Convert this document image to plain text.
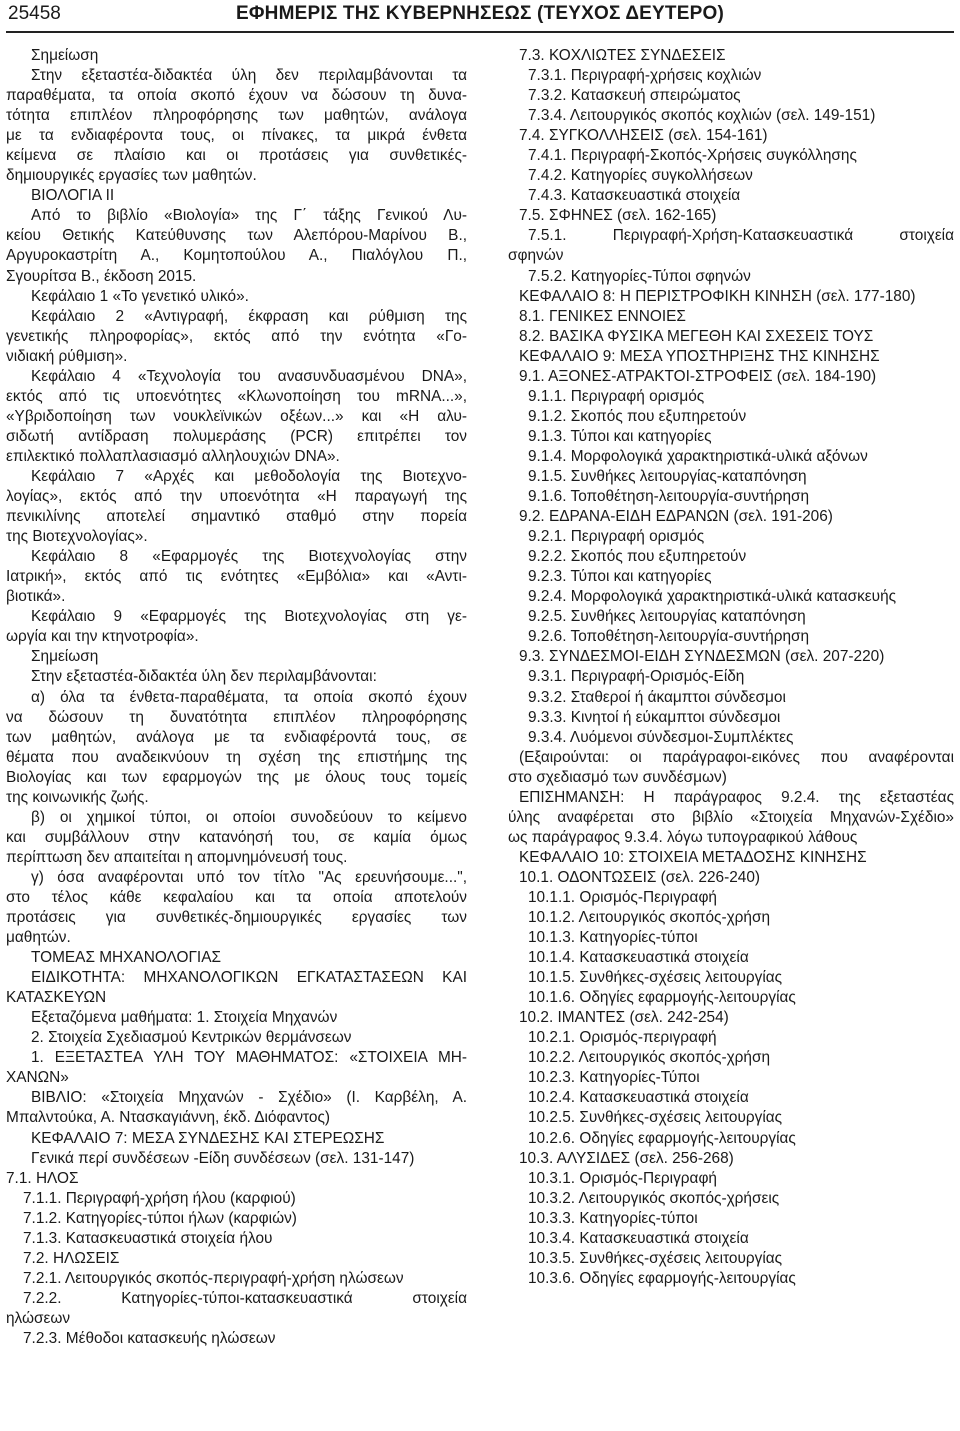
25458	ΕΦΗΜΕΡΙΣ ΤΗΣ ΚΥΒΕΡΝΗΣΕΩΣ (ΤΕΥΧΟΣ ΔΕΥΤΕΡΟ)
Σημείωση
Στην εξεταστέα-διδακτέα ύλη δεν περιλαμβάνονται τα
παραθέματα, τα οποία σκοπό έχουν να δώσουν τη δυνα‐
τότητα επιπλέον πληροφόρησης των μαθητών, ανάλογα
με τα ενδιαφέροντα τους, οι πίνακες, τα μικρά ένθετα
κείμενα σε πλαίσιο και οι προτάσεις για συνθετικές‐
δημιουργικές εργασίες των μαθητών.
ΒΙΟΛΟΓΙΑ ΙΙ
Από το βιβλίο «Βιολογία» της Γ΄ τάξης Γενικού Λυ‐
κείου Θετικής Κατεύθυνσης των Αλεπόρου-Μαρίνου Β.,
Αργυροκαστρίτη Α., Κομητοπούλου Α., Πιαλόγλου Π.,
Σγουρίτσα Β., έκδοση 2015.
Κεφάλαιο 1 «Το γενετικό υλικό».
Κεφάλαιο 2 «Αντιγραφή, έκφραση και ρύθμιση της
γενετικής πληροφορίας», εκτός από την ενότητα «Γο‐
νιδιακή ρύθμιση».
Κεφάλαιο 4 «Τεχνολογία του ανασυνδυασμένου DNA»,
εκτός από τις υποενότητες «Κλωνοποίηση του mRNA...»,
«Υβριδοποίηση των νουκλεϊνικών οξέων...» και «Η αλυ‐
σιδωτή αντίδραση πολυμεράσης (PCR) επιτρέπει τον
επιλεκτικό πολλαπλασιασμό αλληλουχιών DNA».
Κεφάλαιο 7 «Αρχές και μεθοδολογία της Βιοτεχνο‐
λογίας», εκτός από την υποενότητα «Η παραγωγή της
πενικιλίνης αποτελεί σημαντικό σταθμό στην πορεία
της Βιοτεχνολογίας».
Κεφάλαιο 8 «Εφαρμογές της Βιοτεχνολογίας στην
Ιατρική», εκτός από τις ενότητες «Εμβόλια» και «Αντι‐
βιοτικά».
Κεφάλαιο 9 «Εφαρμογές της Βιοτεχνολογίας στη γε‐
ωργία και την κτηνοτροφία».
Σημείωση
Στην εξεταστέα-διδακτέα ύλη δεν περιλαμβάνονται:
α) όλα τα ένθετα-παραθέματα, τα οποία σκοπό έχουν
να δώσουν τη δυνατότητα επιπλέον πληροφόρησης
των μαθητών, ανάλογα με τα ενδιαφέροντά τους, σε
θέματα που αναδεικνύουν τη σχέση της επιστήμης της
Βιολογίας και των εφαρμογών της με όλους τους τομείς
της κοινωνικής ζωής.
β) οι χημικοί τύποι, οι οποίοι συνοδεύουν το κείμενο
και συμβάλλουν στην κατανόησή του, σε καμία όμως
περίπτωση δεν απαιτείται η απομνημόνευσή τους.
γ) όσα αναφέρονται υπό τον τίτλο "Ας ερευνήσουμε...",
στο τέλος κάθε κεφαλαίου και τα οποία αποτελούν
προτάσεις για συνθετικές-δημιουργικές εργασίες των
μαθητών.
ΤΟΜΕΑΣ ΜΗΧΑΝΟΛΟΓΙΑΣ
ΕΙΔΙΚΟΤΗΤΑ: ΜΗΧΑΝΟΛΟΓΙΚΩΝ ΕΓΚΑΤΑΣΤΑΣΕΩΝ ΚΑΙ
ΚΑΤΑΣΚΕΥΩΝ
Εξεταζόμενα μαθήματα: 1. Στοιχεία Μηχανών
2. Στοιχεία Σχεδιασμού Κεντρικών θερμάνσεων
1. ΕΞΕΤΑΣΤΕΑ ΥΛΗ ΤΟΥ ΜΑΘΗΜΑΤΟΣ: «ΣΤΟΙΧΕΙΑ ΜΗ‐
ΧΑΝΩΝ»
ΒΙΒΛΙΟ: «Στοιχεία Μηχανών - Σχέδιο» (Ι. Καρβέλη, Α.
Μπαλντούκα, Α. Ντασκαγιάννη, έκδ. Διόφαντος)
ΚΕΦΑΛΑΙΟ 7: ΜΕΣΑ ΣΥΝΔΕΣΗΣ ΚΑΙ ΣΤΕΡΕΩΣΗΣ
Γενικά περί συνδέσεων -Είδη συνδέσεων (σελ. 131-147)
7.1. ΗΛΟΣ
7.1.1. Περιγραφή-χρήση ήλου (καρφιού)
7.1.2. Κατηγορίες-τύποι ήλων (καρφιών)
7.1.3. Κατασκευαστικά στοιχεία ήλου
7.2. ΗΛΩΣΕΙΣ
7.2.1. Λειτουργικός σκοπός-περιγραφή-χρήση ηλώσεων
7.2.2. Κατηγορίες-τύποι-κατασκευαστικά στοιχεία
ηλώσεων
7.2.3. Μέθοδοι κατασκευής ηλώσεων
7.3. ΚΟΧΛΙΩΤΕΣ ΣΥΝΔΕΣΕΙΣ
7.3.1. Περιγραφή-χρήσεις κοχλιών
7.3.2. Κατασκευή σπειρώματος
7.3.4. Λειτουργικός σκοπός κοχλιών (σελ. 149-151)
7.4. ΣΥΓΚΟΛΛΗΣΕΙΣ (σελ. 154-161)
7.4.1. Περιγραφή-Σκοπός-Χρήσεις συγκόλλησης
7.4.2. Κατηγορίες συγκολλήσεων
7.4.3. Κατασκευαστικά στοιχεία
7.5. ΣΦΗΝΕΣ (σελ. 162-165)
7.5.1. Περιγραφή-Χρήση-Κατασκευαστικά στοιχεία
σφηνών
7.5.2. Κατηγορίες-Τύποι σφηνών
ΚΕΦΑΛΑΙΟ 8: Η ΠΕΡΙΣΤΡΟΦΙΚΗ ΚΙΝΗΣΗ (σελ. 177-180)
8.1. ΓΕΝΙΚΕΣ ΕΝΝΟΙΕΣ
8.2. ΒΑΣΙΚΑ ΦΥΣΙΚΑ ΜΕΓΕΘΗ ΚΑΙ ΣΧΕΣΕΙΣ ΤΟΥΣ
ΚΕΦΑΛΑΙΟ 9: ΜΕΣΑ ΥΠΟΣΤΗΡΙΞΗΣ ΤΗΣ ΚΙΝΗΣΗΣ
9.1. ΑΞΟΝΕΣ-ΑΤΡΑΚΤΟΙ-ΣΤΡΟΦΕΙΣ (σελ. 184-190)
9.1.1. Περιγραφή ορισμός
9.1.2. Σκοπός που εξυπηρετούν
9.1.3. Τύποι και κατηγορίες
9.1.4. Μορφολογικά χαρακτηριστικά-υλικά αξόνων
9.1.5. Συνθήκες λειτουργίας-καταπόνηση
9.1.6. Τοποθέτηση-λειτουργία-συντήρηση
9.2. ΕΔΡΑΝΑ-ΕΙΔΗ ΕΔΡΑΝΩΝ (σελ. 191-206)
9.2.1. Περιγραφή ορισμός
9.2.2. Σκοπός που εξυπηρετούν
9.2.3. Τύποι και κατηγορίες
9.2.4. Μορφολογικά χαρακτηριστικά-υλικά κατασκευής
9.2.5. Συνθήκες λειτουργίας καταπόνηση
9.2.6. Τοποθέτηση-λειτουργία-συντήρηση
9.3. ΣΥΝΔΕΣΜΟΙ-ΕΙΔΗ ΣΥΝΔΕΣΜΩΝ (σελ. 207-220)
9.3.1. Περιγραφή-Ορισμός-Είδη
9.3.2. Σταθεροί ή άκαμπτοι σύνδεσμοι
9.3.3. Κινητοί ή εύκαμπτοι σύνδεσμοι
9.3.4. Λυόμενοι σύνδεσμοι-Συμπλέκτες
(Εξαιρούνται: οι παράγραφοι-εικόνες που αναφέρονται
στο σχεδιασμό των συνδέσμων)
ΕΠΙΣΗΜΑΝΣΗ: Η παράγραφος 9.2.4. της εξεταστέας
ύλης αναφέρεται στο βιβλίο «Στοιχεία Μηχανών-Σχέδιο»
ως παράγραφος 9.3.4. λόγω τυπογραφικού λάθους
ΚΕΦΑΛΑΙΟ 10: ΣΤΟΙΧΕΙΑ ΜΕΤΑΔΟΣΗΣ ΚΙΝΗΣΗΣ
10.1. ΟΔΟΝΤΩΣΕΙΣ (σελ. 226-240)
10.1.1. Ορισμός-Περιγραφή
10.1.2. Λειτουργικός σκοπός-χρήση
10.1.3. Κατηγορίες-τύποι
10.1.4. Κατασκευαστικά στοιχεία
10.1.5. Συνθήκες-σχέσεις λειτουργίας
10.1.6. Οδηγίες εφαρμογής-λειτουργίας
10.2. ΙΜΑΝΤΕΣ (σελ. 242-254)
10.2.1. Ορισμός-περιγραφή
10.2.2. Λειτουργικός σκοπός-χρήση
10.2.3. Κατηγορίες-Τύποι
10.2.4. Κατασκευαστικά στοιχεία
10.2.5. Συνθήκες-σχέσεις λειτουργίας
10.2.6. Οδηγίες εφαρμογής-λειτουργίας
10.3. ΑΛΥΣΙΔΕΣ (σελ. 256-268)
10.3.1. Ορισμός-Περιγραφή
10.3.2. Λειτουργικός σκοπός-χρήσεις
10.3.3. Κατηγορίες-τύποι
10.3.4. Κατασκευαστικά στοιχεία
10.3.5. Συνθήκες-σχέσεις λειτουργίας
10.3.6. Οδηγίες εφαρμογής-λειτουργίας
